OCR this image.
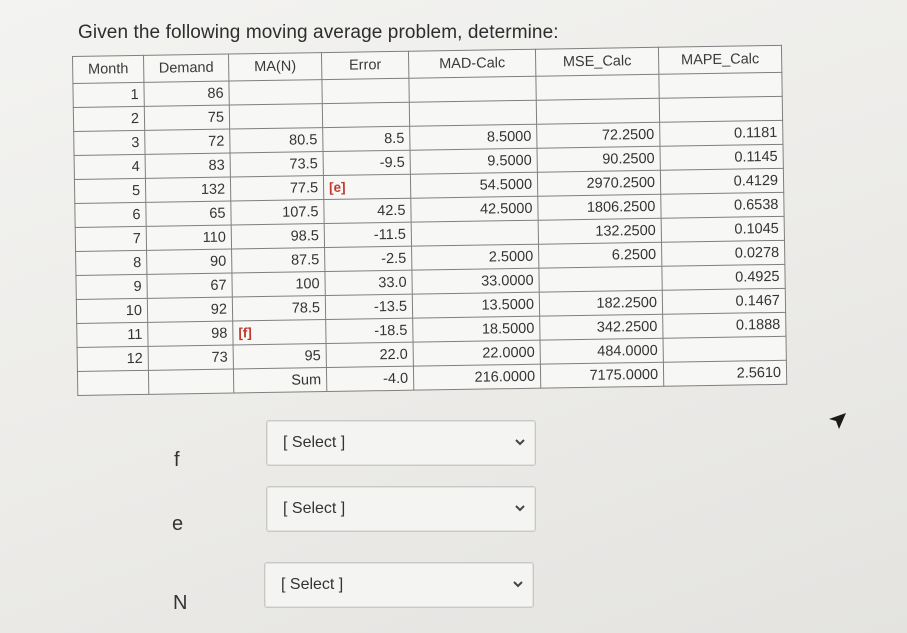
Given the following moving average problem, determine:
Month	Demand	MA(N)	Error	MAD-Calc	MSE_Calc	MAPE_Calc
1	86					
2	75					
3	72	80.5	8.5	8.5000	72.2500	0.1181
4	83	73.5	-9.5	9.5000	90.2500	0.1145
5	132	77.5	[e]	54.5000	2970.2500	0.4129
6	65	107.5	42.5	42.5000	1806.2500	0.6538
7	110	98.5	-11.5		132.2500	0.1045
8	90	87.5	-2.5	2.5000	6.2500	0.0278
9	67	100	33.0	33.0000		0.4925
10	92	78.5	-13.5	13.5000	182.2500	0.1467
11	98	[f]	-18.5	18.5000	342.2500	0.1888
12	73	95	22.0	22.0000	484.0000	
		Sum	-4.0	216.0000	7175.0000	2.5610
f
[ Select ]
e
[ Select ]
N
[ Select ]
